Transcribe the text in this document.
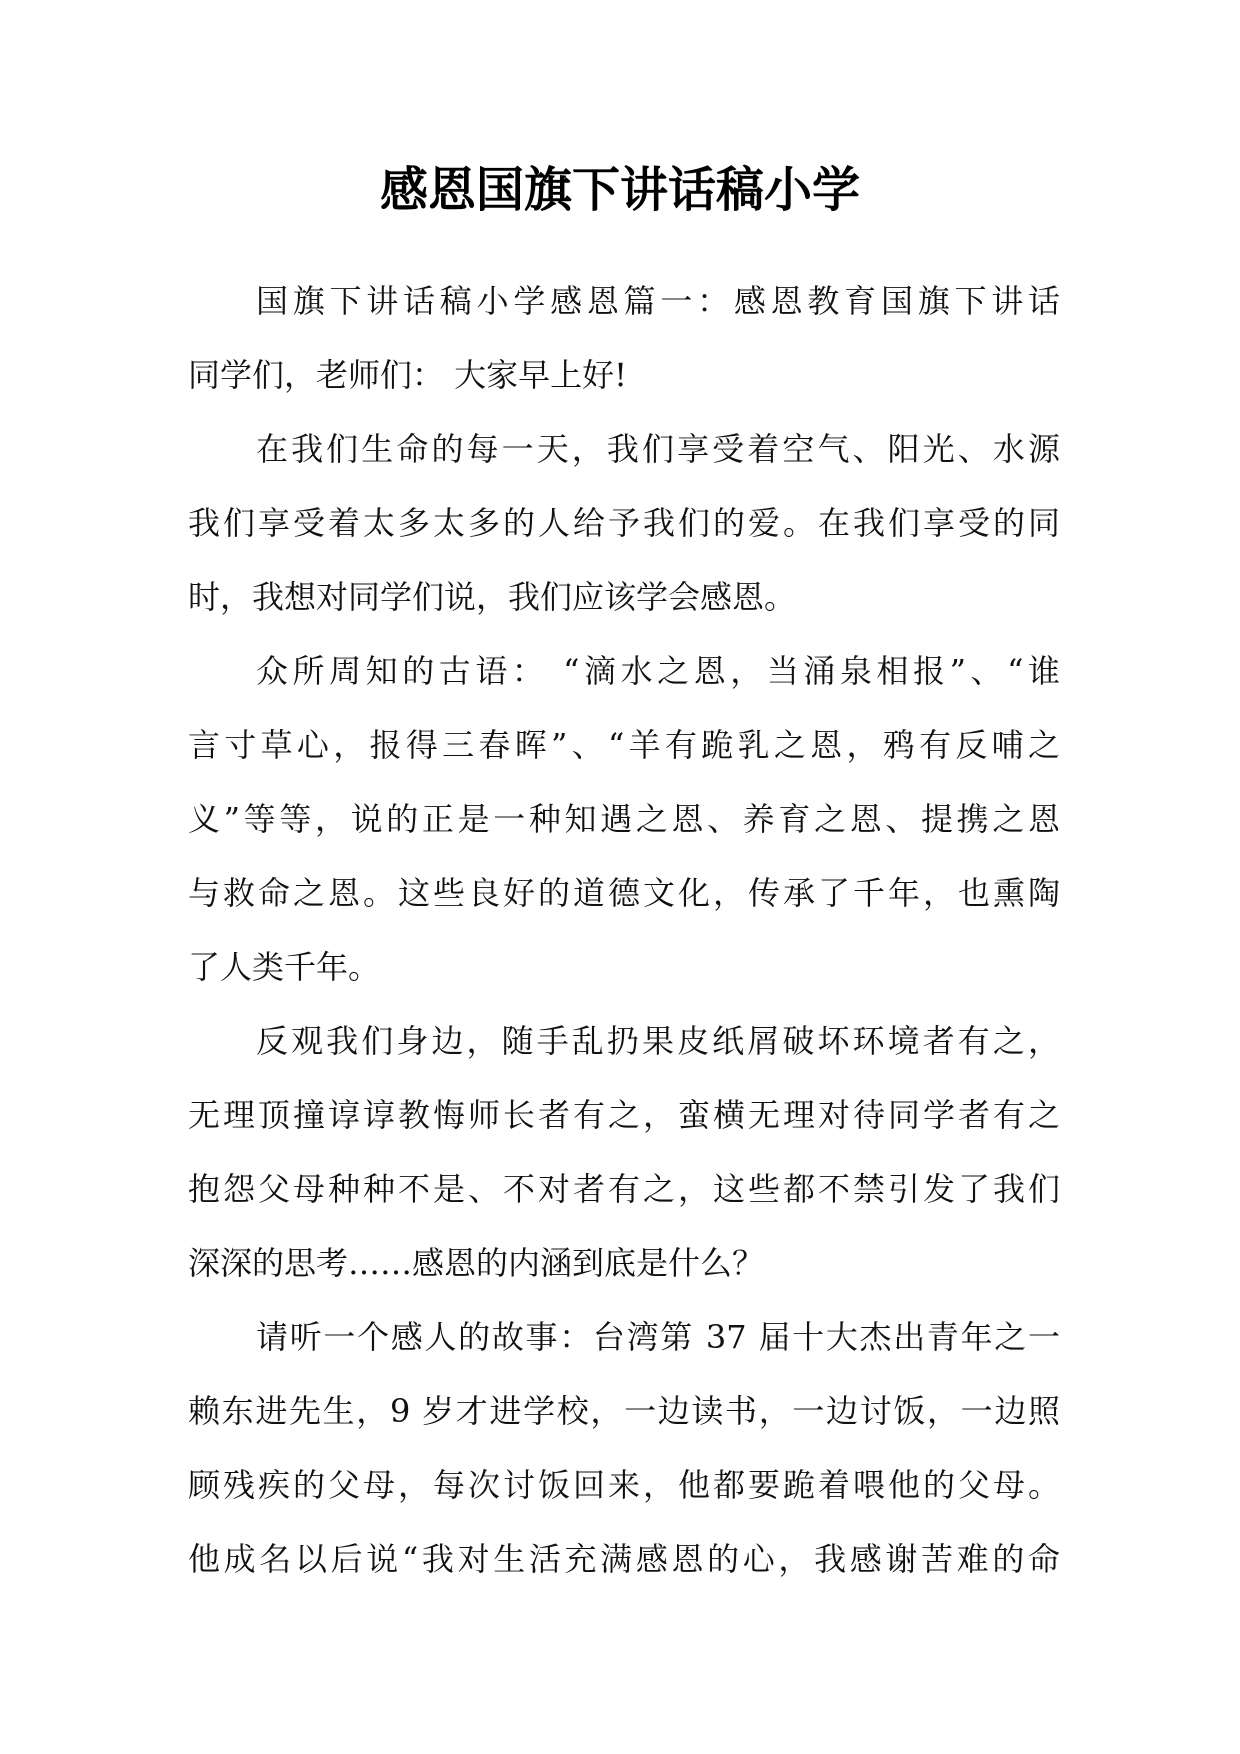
感恩国旗下讲话稿小学
国旗下讲话稿小学感恩篇一：感恩教育国旗下讲话
同学们，老师们： 大家早上好!
在我们生命的每一天，我们享受着空气、阳光、水源
我们享受着太多太多的人给予我们的爱。在我们享受的同
时，我想对同学们说，我们应该学会感恩。
众所周知的古语： “滴水之恩，当涌泉相报”、“谁
言寸草心，报得三春晖”、“羊有跪乳之恩，鸦有反哺之
义”等等，说的正是一种知遇之恩、养育之恩、提携之恩
与救命之恩。这些良好的道德文化，传承了千年，也熏陶
了人类千年。
反观我们身边，随手乱扔果皮纸屑破坏环境者有之，
无理顶撞谆谆教悔师长者有之，蛮横无理对待同学者有之
抱怨父母种种不是、不对者有之，这些都不禁引发了我们
深深的思考……感恩的内涵到底是什么？
请听一个感人的故事：台湾第 37 届十大杰出青年之一
赖东进先生，9 岁才进学校，一边读书，一边讨饭，一边照
顾残疾的父母，每次讨饭回来，他都要跪着喂他的父母。
他成名以后说“我对生活充满感恩的心，我感谢苦难的命
